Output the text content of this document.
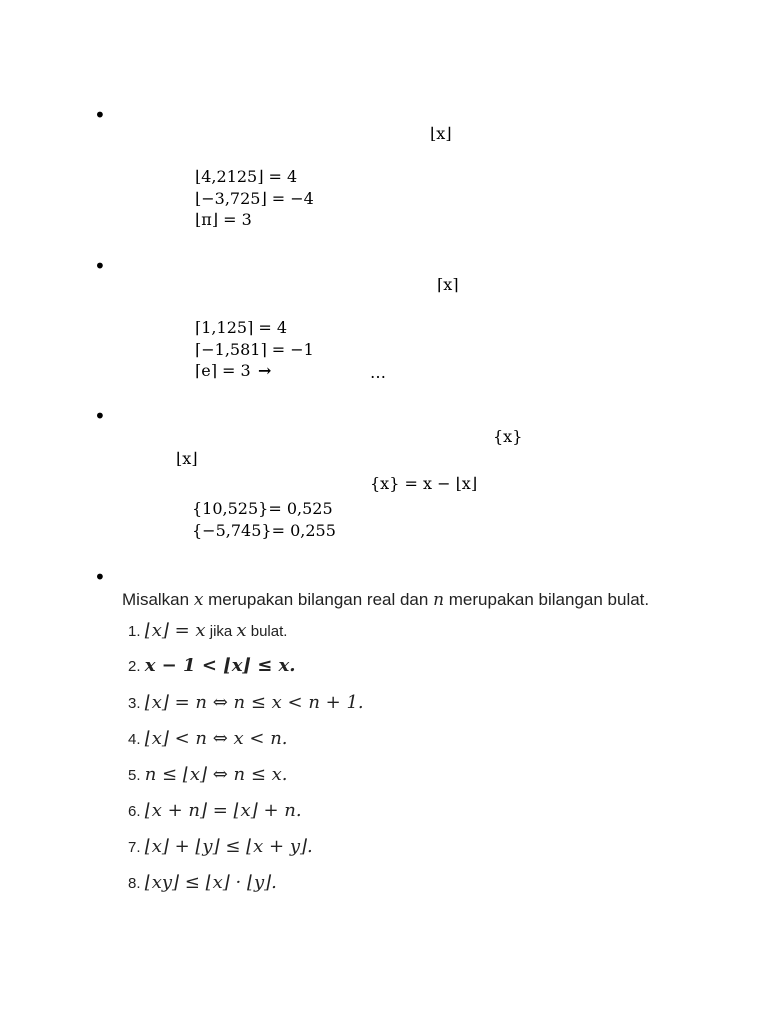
•
⌊x⌋
⌊4,2125⌋ = 4
⌊−3,725⌋ = −4
⌊π⌋ = 3
•
⌈x⌉
⌈1,125⌉ = 4
⌈−1,581⌉ = −1
⌈e⌉ = 3 →	…
•
{x}
⌊x⌋
{x} = x − ⌊x⌋
{10,525}= 0,525
{−5,745}= 0,255
•
Misalkan x merupakan bilangan real dan n merupakan bilangan bulat.
1. ⌊x⌋ = x jika x bulat.
2. x − 1 < ⌊x⌋ ≤ x.
3. ⌊x⌋ = n ⇔ n ≤ x < n + 1.
4. ⌊x⌋ < n ⇔ x < n.
5. n ≤ ⌊x⌋ ⇔ n ≤ x.
6. ⌊x + n⌋ = ⌊x⌋ + n.
7. ⌊x⌋ + ⌊y⌋ ≤ ⌊x + y⌋.
8. ⌊xy⌋ ≤ ⌊x⌋ · ⌊y⌋.
